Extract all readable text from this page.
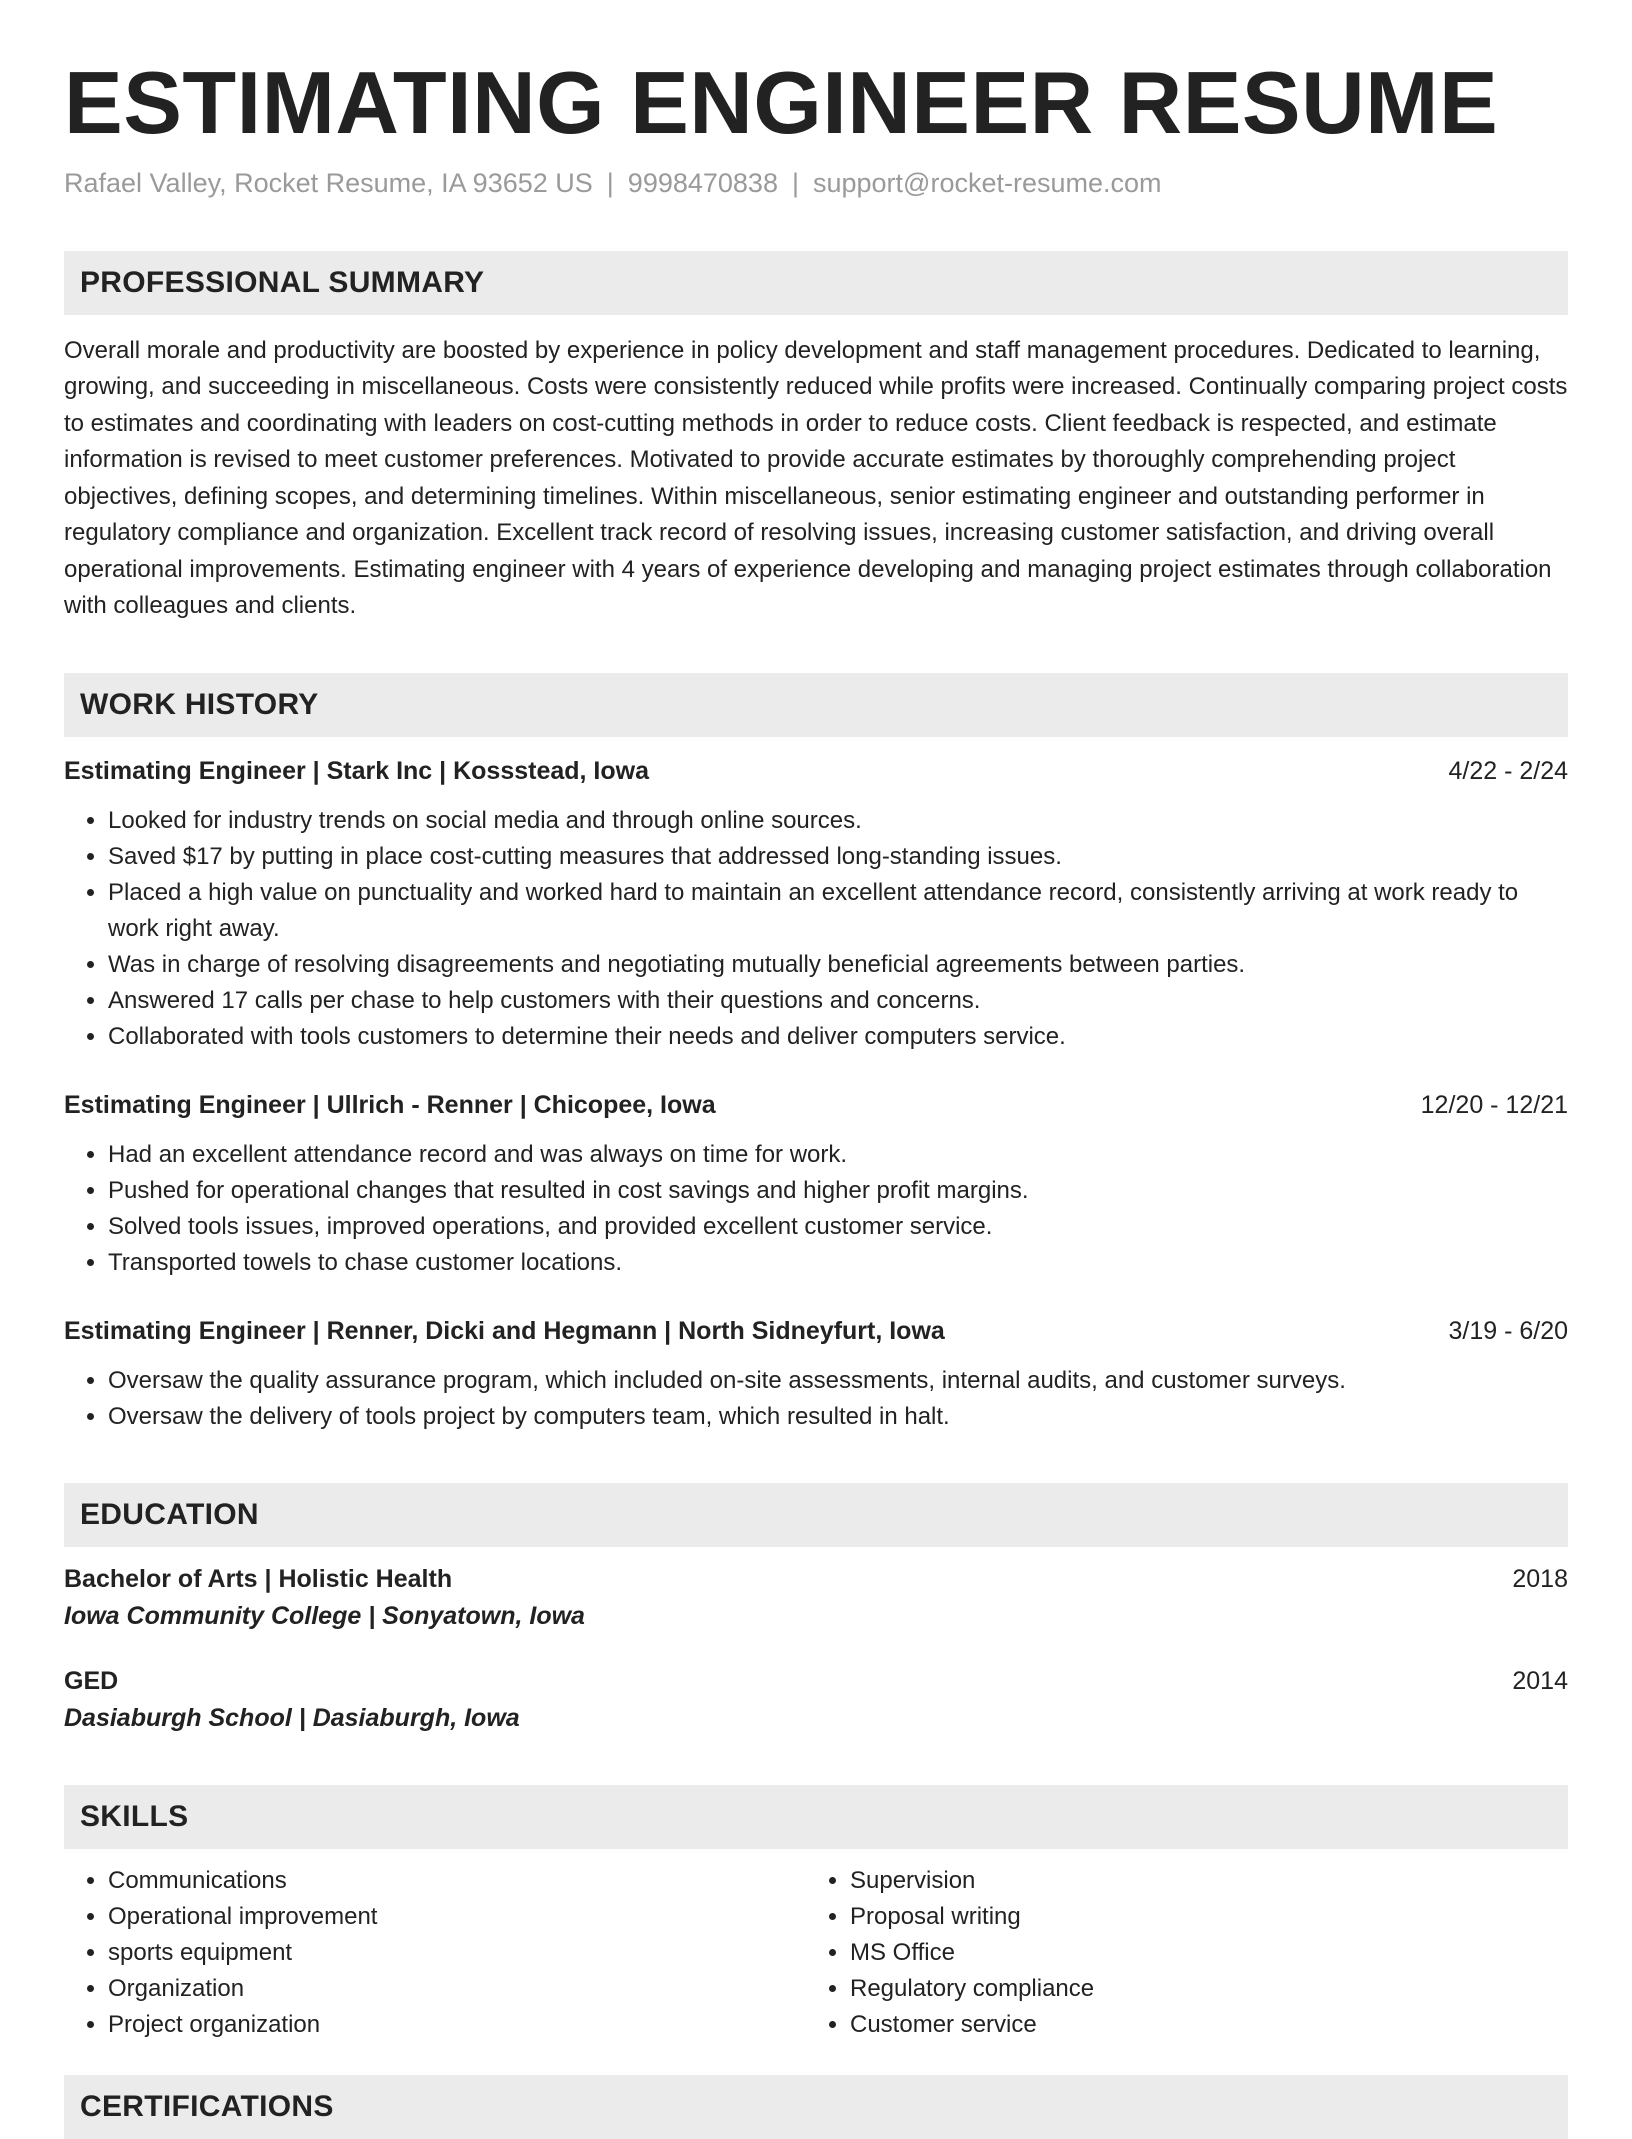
ESTIMATING ENGINEER RESUME
Rafael Valley, Rocket Resume, IA 93652 US | 9998470838 | support@rocket-resume.com
PROFESSIONAL SUMMARY
Overall morale and productivity are boosted by experience in policy development and staff management procedures. Dedicated to learning, growing, and succeeding in miscellaneous. Costs were consistently reduced while profits were increased. Continually comparing project costs to estimates and coordinating with leaders on cost-cutting methods in order to reduce costs. Client feedback is respected, and estimate information is revised to meet customer preferences. Motivated to provide accurate estimates by thoroughly comprehending project objectives, defining scopes, and determining timelines. Within miscellaneous, senior estimating engineer and outstanding performer in regulatory compliance and organization. Excellent track record of resolving issues, increasing customer satisfaction, and driving overall operational improvements. Estimating engineer with 4 years of experience developing and managing project estimates through collaboration with colleagues and clients.
WORK HISTORY
Estimating Engineer | Stark Inc | Kossstead, Iowa	4/22 - 2/24
• Looked for industry trends on social media and through online sources.
• Saved $17 by putting in place cost-cutting measures that addressed long-standing issues.
• Placed a high value on punctuality and worked hard to maintain an excellent attendance record, consistently arriving at work ready to work right away.
• Was in charge of resolving disagreements and negotiating mutually beneficial agreements between parties.
• Answered 17 calls per chase to help customers with their questions and concerns.
• Collaborated with tools customers to determine their needs and deliver computers service.
Estimating Engineer | Ullrich - Renner | Chicopee, Iowa	12/20 - 12/21
• Had an excellent attendance record and was always on time for work.
• Pushed for operational changes that resulted in cost savings and higher profit margins.
• Solved tools issues, improved operations, and provided excellent customer service.
• Transported towels to chase customer locations.
Estimating Engineer | Renner, Dicki and Hegmann | North Sidneyfurt, Iowa	3/19 - 6/20
• Oversaw the quality assurance program, which included on-site assessments, internal audits, and customer surveys.
• Oversaw the delivery of tools project by computers team, which resulted in halt.
EDUCATION
Bachelor of Arts | Holistic Health	2018
Iowa Community College | Sonyatown, Iowa
GED	2014
Dasiaburgh School | Dasiaburgh, Iowa
SKILLS
• Communications
• Operational improvement
• sports equipment
• Organization
• Project organization
• Supervision
• Proposal writing
• MS Office
• Regulatory compliance
• Customer service
CERTIFICATIONS
